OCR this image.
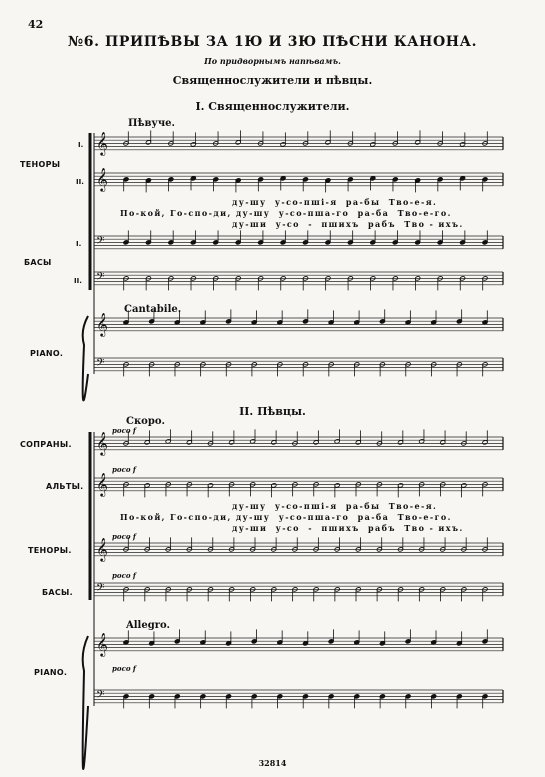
42
№6. ПРИПѢВЫ ЗА 1Ю И 3Ю ПѢСНИ КАНОНА.
По придворнымъ напѣвамъ.
Священнослужители и пѣвцы.
I. Священнослужители.
Пѣвуче.
I.
ТЕНОРЫ
II.
ду-шу  у-со-пшi-я  ра-бы  Тво-е-я.
По-кой, Го-спо-ди, ду-шу  у-со-пша-го  ра-ба  Тво-е-го.
ду-ши  у-со  -  пшихъ  рабъ  Тво - ихъ.
I.
БАСЫ
II.
Cantabile.
PIANO.
II. Пѣвцы.
Скоро.
poco f
СОПРАНЫ.
poco f
АЛЬТЫ.
ду-шу  у-со-пшi-я  ра-бы  Тво-е-я.
По-кой, Го-спо-ди, ду-шу  у-со-пша-го  ра-ба  Тво-е-го.
ду-ши  у-со  -  пшихъ  рабъ  Тво - ихъ.
poco f
ТЕНОРЫ.
poco f
БАСЫ.
Allegro.
poco f
PIANO.
32814
𝄞
𝄞
𝄢
𝄢
𝄞
𝄢
𝄞
𝄞
𝄞
𝄢
𝄞
𝄢
